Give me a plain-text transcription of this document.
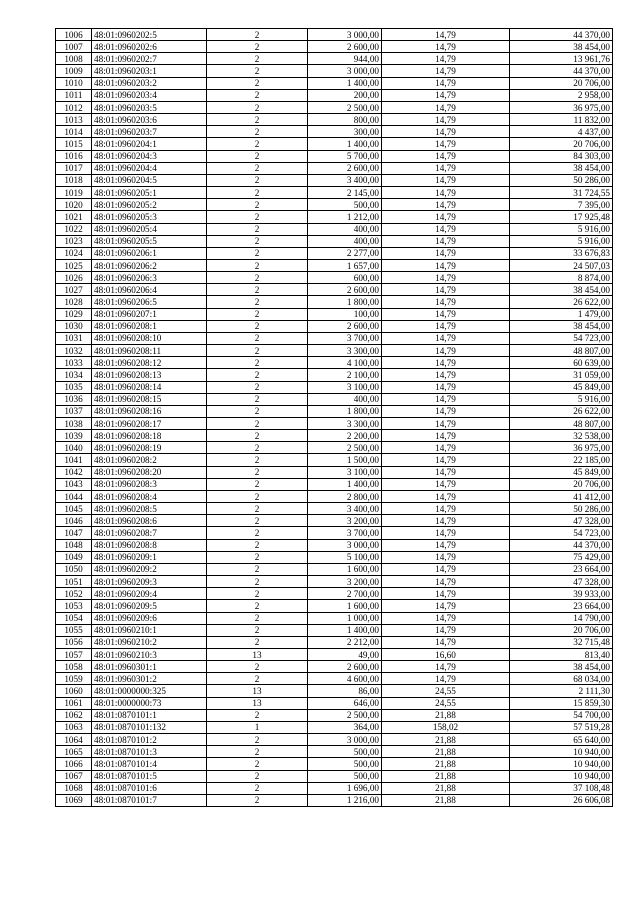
1006	48:01:0960202:5	2	3 000,00	14,79	44 370,00
1007	48:01:0960202:6	2	2 600,00	14,79	38 454,00
1008	48:01:0960202:7	2	944,00	14,79	13 961,76
1009	48:01:0960203:1	2	3 000,00	14,79	44 370,00
1010	48:01:0960203:2	2	1 400,00	14,79	20 706,00
1011	48:01:0960203:4	2	200,00	14,79	2 958,00
1012	48:01:0960203:5	2	2 500,00	14,79	36 975,00
1013	48:01:0960203:6	2	800,00	14,79	11 832,00
1014	48:01:0960203:7	2	300,00	14,79	4 437,00
1015	48:01:0960204:1	2	1 400,00	14,79	20 706,00
1016	48:01:0960204:3	2	5 700,00	14,79	84 303,00
1017	48:01:0960204:4	2	2 600,00	14,79	38 454,00
1018	48:01:0960204:5	2	3 400,00	14,79	50 286,00
1019	48:01:0960205:1	2	2 145,00	14,79	31 724,55
1020	48:01:0960205:2	2	500,00	14,79	7 395,00
1021	48:01:0960205:3	2	1 212,00	14,79	17 925,48
1022	48:01:0960205:4	2	400,00	14,79	5 916,00
1023	48:01:0960205:5	2	400,00	14,79	5 916,00
1024	48:01:0960206:1	2	2 277,00	14,79	33 676,83
1025	48:01:0960206:2	2	1 657,00	14,79	24 507,03
1026	48:01:0960206:3	2	600,00	14,79	8 874,00
1027	48:01:0960206:4	2	2 600,00	14,79	38 454,00
1028	48:01:0960206:5	2	1 800,00	14,79	26 622,00
1029	48:01:0960207:1	2	100,00	14,79	1 479,00
1030	48:01:0960208:1	2	2 600,00	14,79	38 454,00
1031	48:01:0960208:10	2	3 700,00	14,79	54 723,00
1032	48:01:0960208:11	2	3 300,00	14,79	48 807,00
1033	48:01:0960208:12	2	4 100,00	14,79	60 639,00
1034	48:01:0960208:13	2	2 100,00	14,79	31 059,00
1035	48:01:0960208:14	2	3 100,00	14,79	45 849,00
1036	48:01:0960208:15	2	400,00	14,79	5 916,00
1037	48:01:0960208:16	2	1 800,00	14,79	26 622,00
1038	48:01:0960208:17	2	3 300,00	14,79	48 807,00
1039	48:01:0960208:18	2	2 200,00	14,79	32 538,00
1040	48:01:0960208:19	2	2 500,00	14,79	36 975,00
1041	48:01:0960208:2	2	1 500,00	14,79	22 185,00
1042	48:01:0960208:20	2	3 100,00	14,79	45 849,00
1043	48:01:0960208:3	2	1 400,00	14,79	20 706,00
1044	48:01:0960208:4	2	2 800,00	14,79	41 412,00
1045	48:01:0960208:5	2	3 400,00	14,79	50 286,00
1046	48:01:0960208:6	2	3 200,00	14,79	47 328,00
1047	48:01:0960208:7	2	3 700,00	14,79	54 723,00
1048	48:01:0960208:8	2	3 000,00	14,79	44 370,00
1049	48:01:0960209:1	2	5 100,00	14,79	75 429,00
1050	48:01:0960209:2	2	1 600,00	14,79	23 664,00
1051	48:01:0960209:3	2	3 200,00	14,79	47 328,00
1052	48:01:0960209:4	2	2 700,00	14,79	39 933,00
1053	48:01:0960209:5	2	1 600,00	14,79	23 664,00
1054	48:01:0960209:6	2	1 000,00	14,79	14 790,00
1055	48:01:0960210:1	2	1 400,00	14,79	20 706,00
1056	48:01:0960210:2	2	2 212,00	14,79	32 715,48
1057	48:01:0960210:3	13	49,00	16,60	813,40
1058	48:01:0960301:1	2	2 600,00	14,79	38 454,00
1059	48:01:0960301:2	2	4 600,00	14,79	68 034,00
1060	48:01:0000000:325	13	86,00	24,55	2 111,30
1061	48:01:0000000:73	13	646,00	24,55	15 859,30
1062	48:01:0870101:1	2	2 500,00	21,88	54 700,00
1063	48:01:0870101:132	1	364,00	158,02	57 519,28
1064	48:01:0870101:2	2	3 000,00	21,88	65 640,00
1065	48:01:0870101:3	2	500,00	21,88	10 940,00
1066	48:01:0870101:4	2	500,00	21,88	10 940,00
1067	48:01:0870101:5	2	500,00	21,88	10 940,00
1068	48:01:0870101:6	2	1 696,00	21,88	37 108,48
1069	48:01:0870101:7	2	1 216,00	21,88	26 606,08
